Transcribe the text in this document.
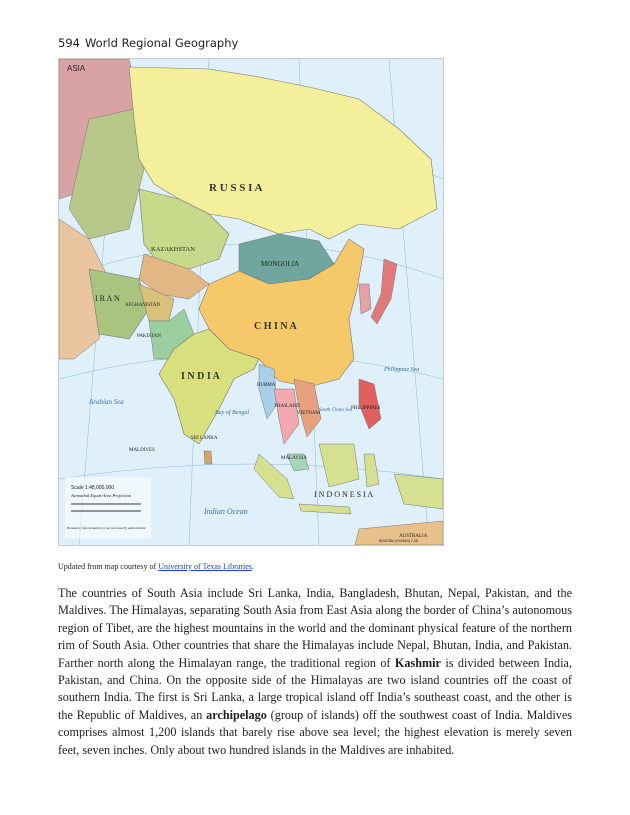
594 World Regional Geography
ASIA
R U S S I A
C H I N A
I N D I A
MONGOLIA
KAZAKHSTAN
I R A N
AFGHANISTAN
PAKISTAN
BURMA
THAILAND
VIETNAM
PHILIPPINES
MALAYSIA
SRI LANKA
MALDIVES
I N D O N E S I A
AUSTRALIA
Arabian Sea
Bay of Bengal
Indian Ocean
Philippine Sea
South China Sea
Scale 1:48,000,000
Azimuthal Equal-Area Projection
Boundary representation is not necessarily authoritative
803378AI (G00543) 7-08
Updated from map courtesy of University of Texas Libraries.
The countries of South Asia include Sri Lanka, India, Bangladesh, Bhutan, Nepal, Pakistan, and the Maldives. The Himalayas, separating South Asia from East Asia along the border of China’s autonomous region of Tibet, are the highest mountains in the world and the dominant physical feature of the northern rim of South Asia. Other countries that share the Himalayas include Nepal, Bhutan, India, and Pakistan. Farther north along the Himalayan range, the traditional region of Kashmir is divided between India, Pakistan, and China. On the opposite side of the Himalayas are two island countries off the coast of southern India. The first is Sri Lanka, a large tropical island off India’s southeast coast, and the other is the Republic of Maldives, an archipelago (group of islands) off the southwest coast of India. Maldives comprises almost 1,200 islands that barely rise above sea level; the highest elevation is merely seven feet, seven inches. Only about two hundred islands in the Maldives are inhabited.
